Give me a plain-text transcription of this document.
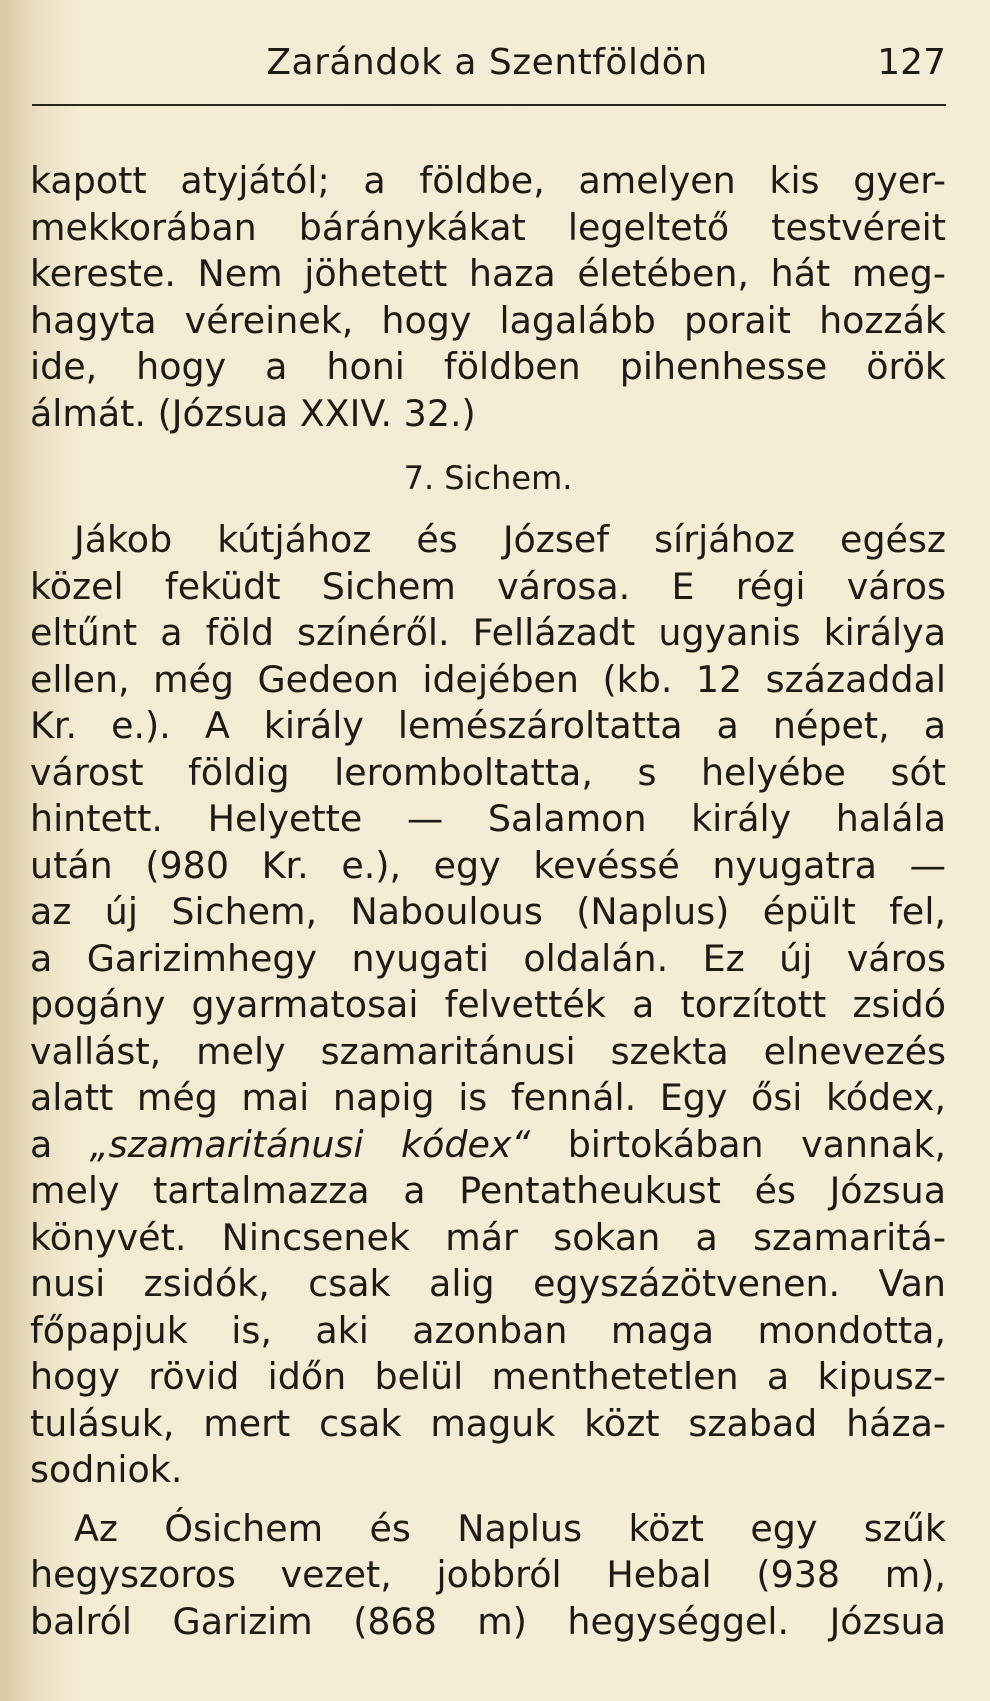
Zarándok a Szentföldön	127
kapott atyjától; a földbe, amelyen kis gyer-
mekkorában báránykákat legeltető testvéreit
kereste. Nem jöhetett haza életében, hát meg-
hagyta véreinek, hogy lagalább porait hozzák
ide, hogy a honi földben pihenhesse örök
álmát. (Józsua XXIV. 32.)
7. Sichem.
Jákob kútjához és József sírjához egész
közel feküdt Sichem városa. E régi város
eltűnt a föld színéről. Fellázadt ugyanis királya
ellen, még Gedeon idejében (kb. 12 századdal
Kr. e.). A király lemészároltatta a népet, a
várost földig leromboltatta, s helyébe sót
hintett. Helyette — Salamon király halála
után (980 Kr. e.), egy kevéssé nyugatra —
az új Sichem, Naboulous (Naplus) épült fel,
a Garizimhegy nyugati oldalán. Ez új város
pogány gyarmatosai felvették a torzított zsidó
vallást, mely szamaritánusi szekta elnevezés
alatt még mai napig is fennál. Egy ősi kódex,
a „szamaritánusi kódex“ birtokában vannak,
mely tartalmazza a Pentatheukust és Józsua
könyvét. Nincsenek már sokan a szamaritá-
nusi zsidók, csak alig egyszázötvenen. Van
főpapjuk is, aki azonban maga mondotta,
hogy rövid időn belül menthetetlen a kipusz-
tulásuk, mert csak maguk közt szabad háza-
sodniok.
Az Ósichem és Naplus közt egy szűk
hegyszoros vezet, jobbról Hebal (938 m),
balról Garizim (868 m) hegységgel. Józsua
